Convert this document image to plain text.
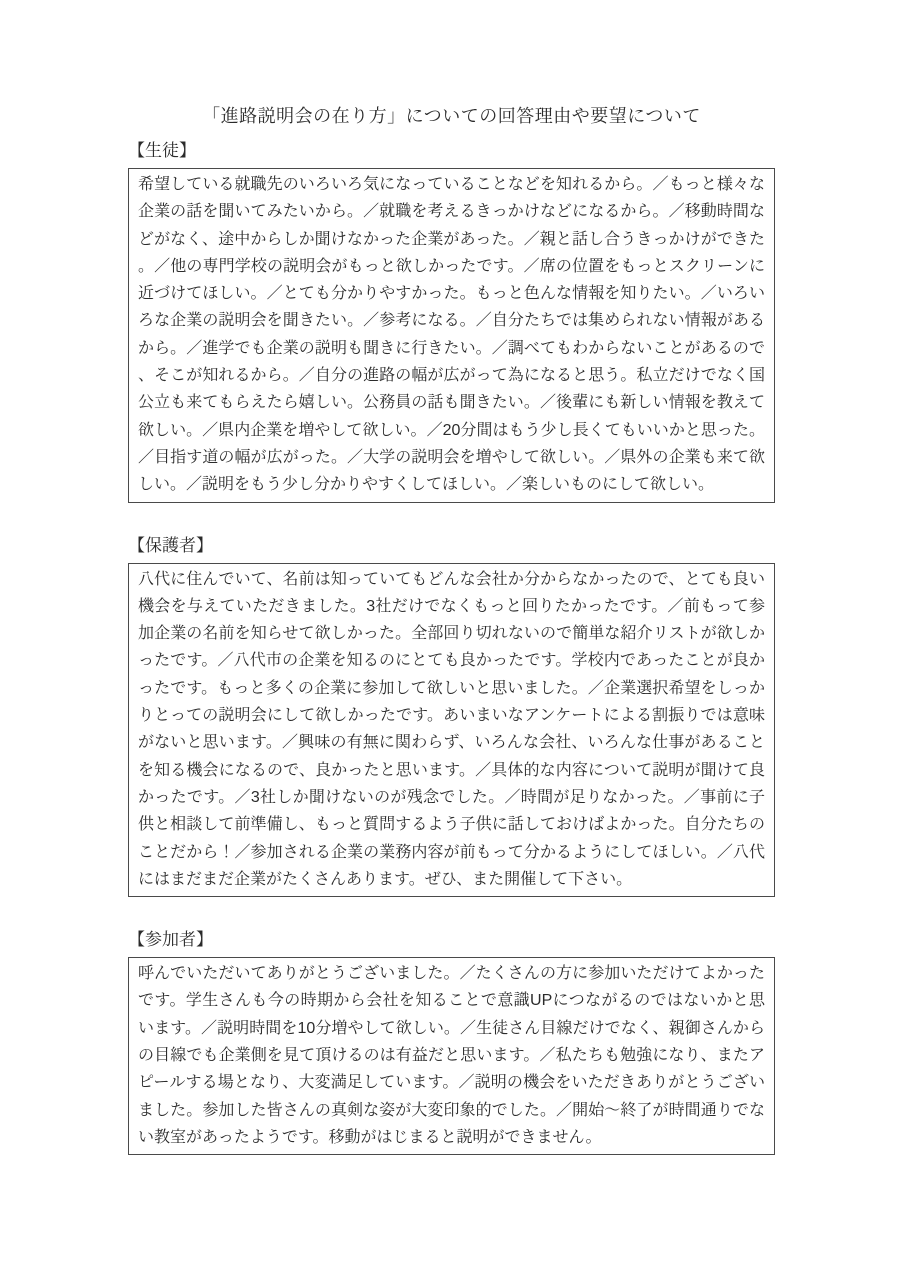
「進路説明会の在り方」についての回答理由や要望について
【生徒】
希望している就職先のいろいろ気になっていることなどを知れるから。／もっと様々な企業の話を聞いてみたいから。／就職を考えるきっかけなどになるから。／移動時間などがなく、途中からしか聞けなかった企業があった。／親と話し合うきっかけができた。／他の専門学校の説明会がもっと欲しかったです。／席の位置をもっとスクリーンに近づけてほしい。／とても分かりやすかった。もっと色んな情報を知りたい。／いろいろな企業の説明会を聞きたい。／参考になる。／自分たちでは集められない情報があるから。／進学でも企業の説明も聞きに行きたい。／調べてもわからないことがあるので、そこが知れるから。／自分の進路の幅が広がって為になると思う。私立だけでなく国公立も来てもらえたら嬉しい。公務員の話も聞きたい。／後輩にも新しい情報を教えて欲しい。／県内企業を増やして欲しい。／20分間はもう少し長くてもいいかと思った。／目指す道の幅が広がった。／大学の説明会を増やして欲しい。／県外の企業も来て欲しい。／説明をもう少し分かりやすくしてほしい。／楽しいものにして欲しい。
【保護者】
八代に住んでいて、名前は知っていてもどんな会社か分からなかったので、とても良い機会を与えていただきました。3社だけでなくもっと回りたかったです。／前もって参加企業の名前を知らせて欲しかった。全部回り切れないので簡単な紹介リストが欲しかったです。／八代市の企業を知るのにとても良かったです。学校内であったことが良かったです。もっと多くの企業に参加して欲しいと思いました。／企業選択希望をしっかりとっての説明会にして欲しかったです。あいまいなアンケートによる割振りでは意味がないと思います。／興味の有無に関わらず、いろんな会社、いろんな仕事があることを知る機会になるので、良かったと思います。／具体的な内容について説明が聞けて良かったです。／3社しか聞けないのが残念でした。／時間が足りなかった。／事前に子供と相談して前準備し、もっと質問するよう子供に話しておけばよかった。自分たちのことだから！／参加される企業の業務内容が前もって分かるようにしてほしい。／八代にはまだまだ企業がたくさんあります。ぜひ、また開催して下さい。
【参加者】
呼んでいただいてありがとうございました。／たくさんの方に参加いただけてよかったです。学生さんも今の時期から会社を知ることで意識UPにつながるのではないかと思います。／説明時間を10分増やして欲しい。／生徒さん目線だけでなく、親御さんからの目線でも企業側を見て頂けるのは有益だと思います。／私たちも勉強になり、またアピールする場となり、大変満足しています。／説明の機会をいただきありがとうございました。参加した皆さんの真剣な姿が大変印象的でした。／開始～終了が時間通りでない教室があったようです。移動がはじまると説明ができません。
